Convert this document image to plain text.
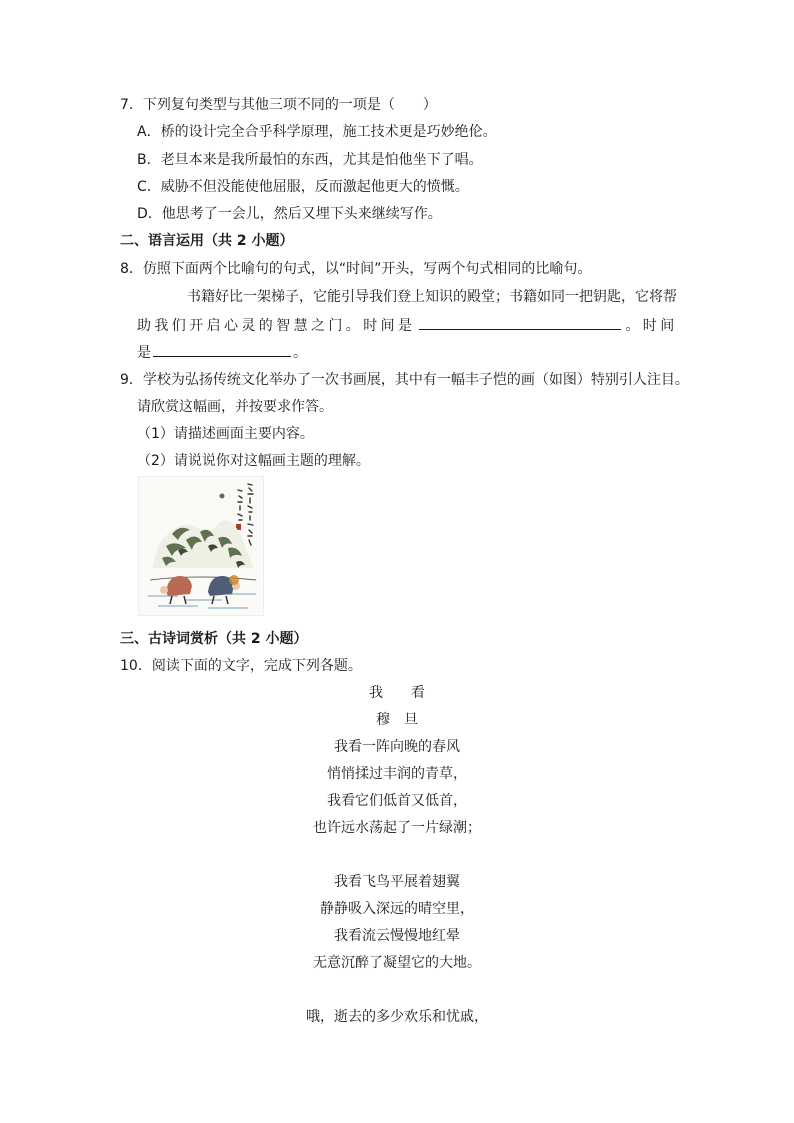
7．下列复句类型与其他三项不同的一项是（　　）
A．桥的设计完全合乎科学原理，施工技术更是巧妙绝伦。
B．老旦本来是我所最怕的东西，尤其是怕他坐下了唱。
C．威胁不但没能使他屈服，反而激起他更大的愤慨。
D．他思考了一会儿，然后又埋下头来继续写作。
二、语言运用（共 2 小题）
8．仿照下面两个比喻句的句式，以“时间”开头，写两个句式相同的比喻句。
书籍好比一架梯子，它能引导我们登上知识的殿堂；书籍如同一把钥匙，它将帮
助我们开启心灵的智慧之门。时间是	。时间
是	。
9．学校为弘扬传统文化举办了一次书画展，其中有一幅丰子恺的画（如图）特别引人注目。
请欣赏这幅画，并按要求作答。
（1）请描述画面主要内容。
（2）请说说你对这幅画主题的理解。
三、古诗词赏析（共 2 小题）
10．阅读下面的文字，完成下列各题。
我　　看
穆　旦
我看一阵向晚的春风
悄悄揉过丰润的青草，
我看它们低首又低首，
也许远水荡起了一片绿潮；
我看飞鸟平展着翅翼
静静吸入深远的晴空里，
我看流云慢慢地红晕
无意沉醉了凝望它的大地。
哦，逝去的多少欢乐和忧戚，
